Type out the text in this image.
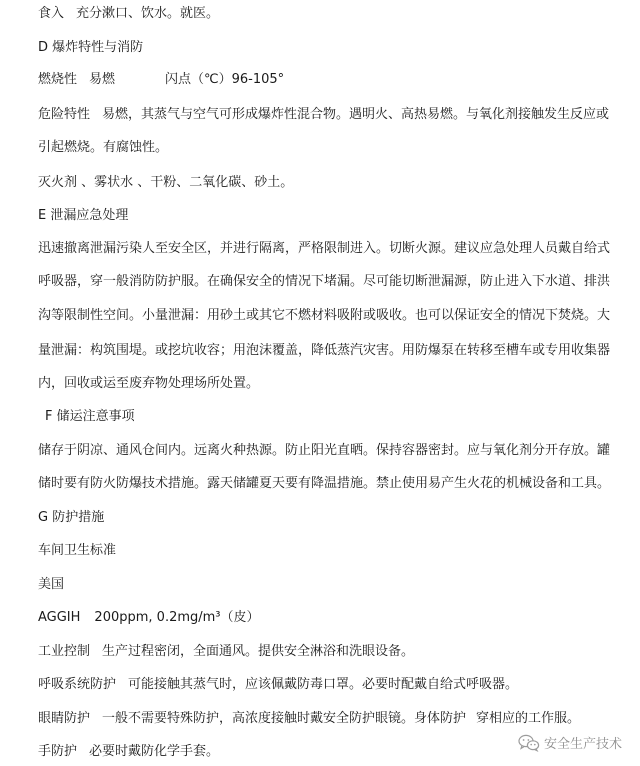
食入 充分漱口、饮水。就医。
D 爆炸特性与消防
燃烧性 易燃	闪点（℃）96-105°
危险特性 易燃，其蒸气与空气可形成爆炸性混合物。遇明火、高热易燃。与氧化剂接触发生反应或
引起燃烧。有腐蚀性。
灭火剂 、雾状水 、干粉、二氧化碳、砂土。
E 泄漏应急处理
迅速撤离泄漏污染人至安全区，并进行隔离，严格限制进入。切断火源。建议应急处理人员戴自给式
呼吸器，穿一般消防防护服。在确保安全的情况下堵漏。尽可能切断泄漏源，防止进入下水道、排洪
沟等限制性空间。小量泄漏：用砂土或其它不燃材料吸附或吸收。也可以保证安全的情况下焚烧。大
量泄漏：构筑围堤。或挖坑收容；用泡沫覆盖，降低蒸汽灾害。用防爆泵在转移至槽车或专用收集器
内，回收或运至废弃物处理场所处置。
F 储运注意事项
储存于阴凉、通风仓间内。远离火种热源。防止阳光直晒。保持容器密封。应与氧化剂分开存放。罐
储时要有防火防爆技术措施。露天储罐夏天要有降温措施。禁止使用易产生火花的机械设备和工具。
G 防护措施
车间卫生标准
美国
AGGIH 200ppm, 0.2mg/m³（皮）
工业控制 生产过程密闭，全面通风。提供安全淋浴和洗眼设备。
呼吸系统防护 可能接触其蒸气时，应该佩戴防毒口罩。必要时配戴自给式呼吸器。
眼睛防护 一般不需要特殊防护，高浓度接触时戴安全防护眼镜。身体防护 穿相应的工作服。
手防护 必要时戴防化学手套。	安全生产技术
